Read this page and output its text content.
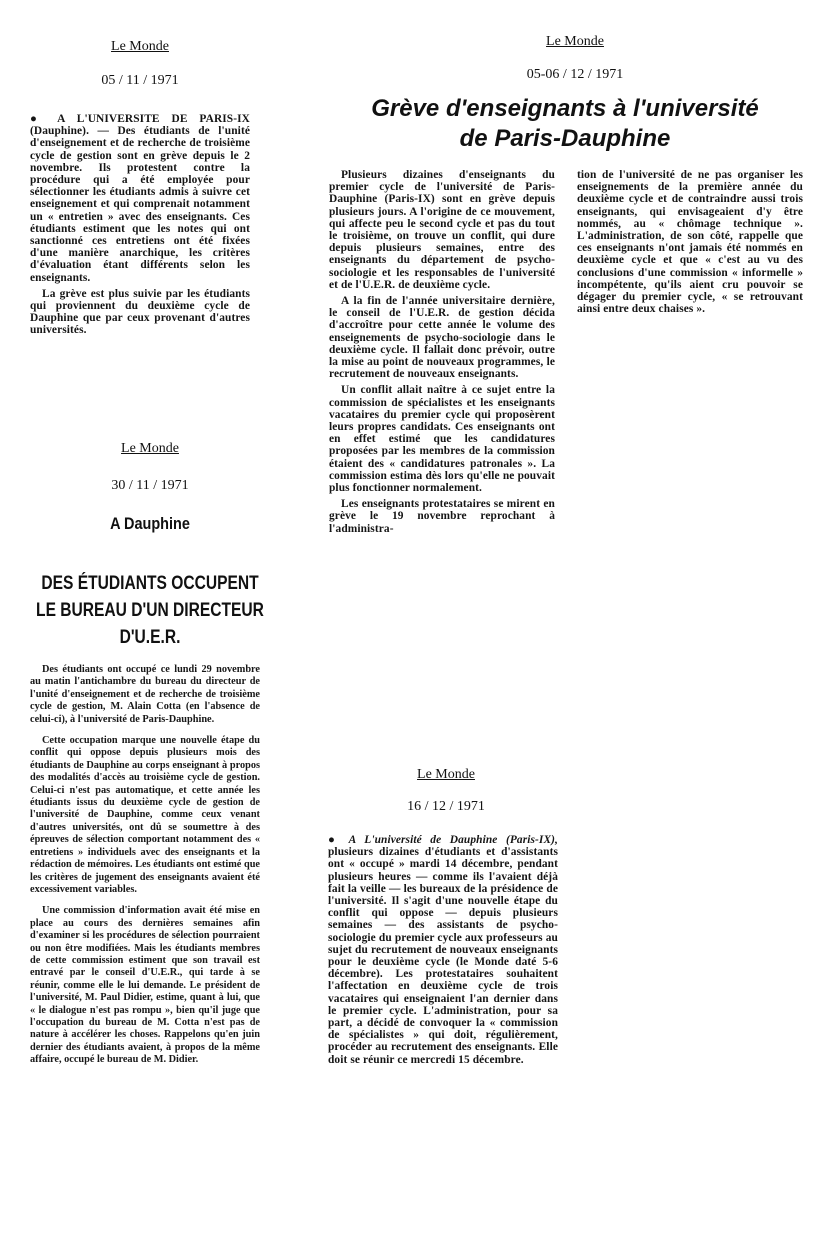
Le Monde
05 / 11 / 1971

● A L'UNIVERSITE DE PARIS-IX (Dauphine). — Des étudiants de l'unité d'enseignement et de recherche de troisième cycle de gestion sont en grève depuis le 2 novembre. Ils protestent contre la procédure qui a été employée pour sélectionner les étudiants admis à suivre cet enseignement et qui comprenait notamment un « entretien » avec des enseignants. Ces étudiants estiment que les notes qui ont sanctionné ces entretiens ont été fixées d'une manière anarchique, les critères d'évaluation étant différents selon les enseignants.

La grève est plus suivie par les étudiants qui proviennent du deuxième cycle de Dauphine que par ceux provenant d'autres universités.

Le Monde
05-06 / 12 / 1971
Grève d'enseignants à l'université
de Paris-Dauphine

Plusieurs dizaines d'enseignants du premier cycle de l'université de Paris-Dauphine (Paris-IX) sont en grève depuis plusieurs jours. A l'origine de ce mouvement, qui affecte peu le second cycle et pas du tout le troisième, on trouve un conflit, qui dure depuis plusieurs semaines, entre des enseignants du département de psycho-sociologie et les responsables de l'université et de l'U.E.R. de deuxième cycle.

A la fin de l'année universitaire dernière, le conseil de l'U.E.R. de gestion décida d'accroître pour cette année le volume des enseignements de psycho-sociologie dans le deuxième cycle. Il fallait donc prévoir, outre la mise au point de nouveaux programmes, le recrutement de nouveaux enseignants.

Un conflit allait naître à ce sujet entre la commission de spécialistes et les enseignants vacataires du premier cycle qui proposèrent leurs propres candidats. Ces enseignants ont en effet estimé que les candidatures proposées par les membres de la commission étaient des « candidatures patronales ». La commission estima dès lors qu'elle ne pouvait plus fonctionner normalement.

Les enseignants protestataires se mirent en grève le 19 novembre reprochant à l'administra-

tion de l'université de ne pas organiser les enseignements de la première année du deuxième cycle et de contraindre aussi trois enseignants, qui envisageaient d'y être nommés, au « chômage technique ». L'administration, de son côté, rappelle que ces enseignants n'ont jamais été nommés en deuxième cycle et que « c'est au vu des conclusions d'une commission « informelle » incompétente, qu'ils aient cru pouvoir se dégager du premier cycle, « se retrouvant ainsi entre deux chaises ».

Le Monde
30 / 11 / 1971
A Dauphine
DES ÉTUDIANTS OCCUPENT
LE BUREAU D'UN DIRECTEUR
D'U.E.R.

Des étudiants ont occupé ce lundi 29 novembre au matin l'antichambre du bureau du directeur de l'unité d'enseignement et de recherche de troisième cycle de gestion, M. Alain Cotta (en l'absence de celui-ci), à l'université de Paris-Dauphine.

Cette occupation marque une nouvelle étape du conflit qui oppose depuis plusieurs mois des étudiants de Dauphine au corps enseignant à propos des modalités d'accès au troisième cycle de gestion. Celui-ci n'est pas automatique, et cette année les étudiants issus du deuxième cycle de gestion de l'université de Dauphine, comme ceux venant d'autres universités, ont dû se soumettre à des épreuves de sélection comportant notamment des « entretiens » individuels avec des enseignants et la rédaction de mémoires. Les étudiants ont estimé que les critères de jugement des enseignants avaient été excessivement variables.

Une commission d'information avait été mise en place au cours des dernières semaines afin d'examiner si les procédures de sélection pourraient ou non être modifiées. Mais les étudiants membres de cette commission estiment que son travail est entravé par le conseil d'U.E.R., qui tarde à se réunir, comme elle le lui demande. Le président de l'université, M. Paul Didier, estime, quant à lui, que « le dialogue n'est pas rompu », bien qu'il juge que l'occupation du bureau de M. Cotta n'est pas de nature à accélérer les choses. Rappelons qu'en juin dernier des étudiants avaient, à propos de la même affaire, occupé le bureau de M. Didier.

Le Monde
16 / 12 / 1971

● A L'université de Dauphine (Paris-IX), plusieurs dizaines d'étudiants et d'assistants ont « occupé » mardi 14 décembre, pendant plusieurs heures — comme ils l'avaient déjà fait la veille — les bureaux de la présidence de l'université. Il s'agit d'une nouvelle étape du conflit qui oppose — depuis plusieurs semaines — des assistants de psycho-sociologie du premier cycle aux professeurs au sujet du recrutement de nouveaux enseignants pour le deuxième cycle (le Monde daté 5-6 décembre). Les protestataires souhaitent l'affectation en deuxième cycle de trois vacataires qui enseignaient l'an dernier dans le premier cycle. L'administration, pour sa part, a décidé de convoquer la « commission de spécialistes » qui doit, régulièrement, procéder au recrutement des enseignants. Elle doit se réunir ce mercredi 15 décembre.
